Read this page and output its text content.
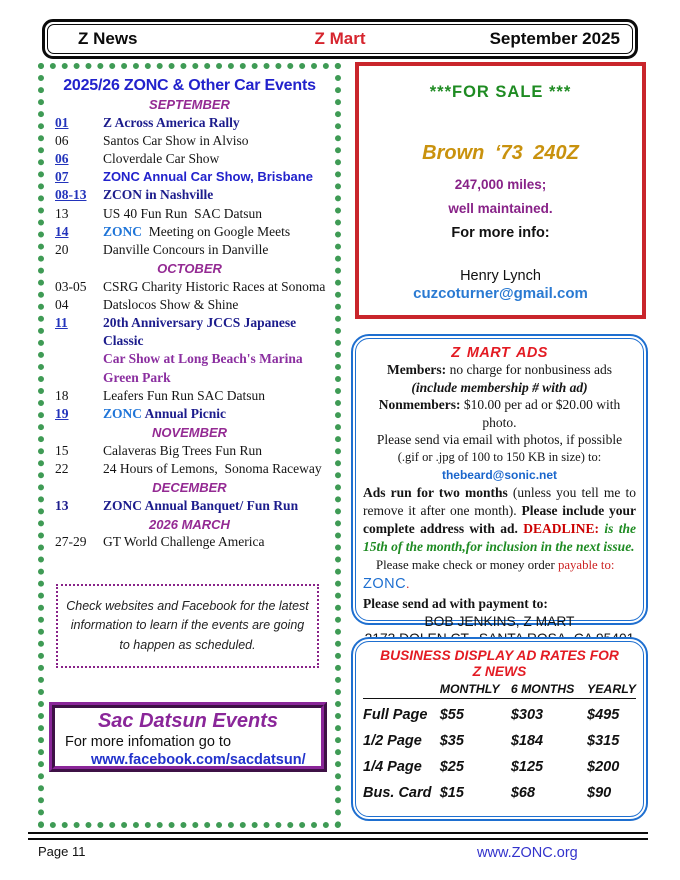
Z News	Z Mart	September 2025
2025/26 ZONC & Other Car Events
SEPTEMBER
01	Z Across America Rally
06	Santos Car Show in Alviso
06	Cloverdale Car Show
07	ZONC Annual Car Show, Brisbane
08-13	ZCON in Nashville
13	US 40 Fun Run  SAC Datsun
14	ZONC  Meeting on Google Meets
20	Danville Concours in Danville
OCTOBER
03-05	CSRG Charity Historic Races at Sonoma
04	Datslocos Show & Shine
11	20th Anniversary JCCS Japanese Classic
Car Show at Long Beach's Marina Green Park
18	Leafers Fun Run SAC Datsun
19	ZONC Annual Picnic
NOVEMBER
15	Calaveras Big Trees Fun Run
22	24 Hours of Lemons,  Sonoma Raceway
DECEMBER
13	ZONC Annual Banquet/ Fun Run
2026 MARCH
27-29	GT World Challenge America
Check websites and Facebook for the latest information to learn if the events are going to happen as scheduled.
Sac Datsun Events
For more infomation go to
www.facebook.com/sacdatsun/
***FOR SALE ***
Brown ‘73 240Z
247,000 miles;
well maintained.
For more info:
Henry Lynch
cuzcoturner@gmail.com
Z MART ADS
Members: no charge for nonbusiness ads
(include membership # with ad)
Nonmembers: $10.00 per ad or $20.00 with photo.
Please send via email with photos, if possible
(.gif or .jpg of 100 to 150 KB in size) to:
thebeard@sonic.net
Ads run for two months (unless you tell me to remove it after one month). Please include your complete address with ad. DEADLINE: is the 15th of the month,for inclusion in the next issue.
Please make check or money order payable to: ZONC.
Please send ad with payment to:
BOB JENKINS, Z MART
BUSINESS DISPLAY AD RATES FOR
Z NEWS
	MONTHLY	6 MONTHS	YEARLY
Full Page	$55	$303	$495
1/2 Page	$35	$184	$315
1/4 Page	$25	$125	$200
Bus. Card	$15	$68	$90
Page 11	www.ZONC.org
